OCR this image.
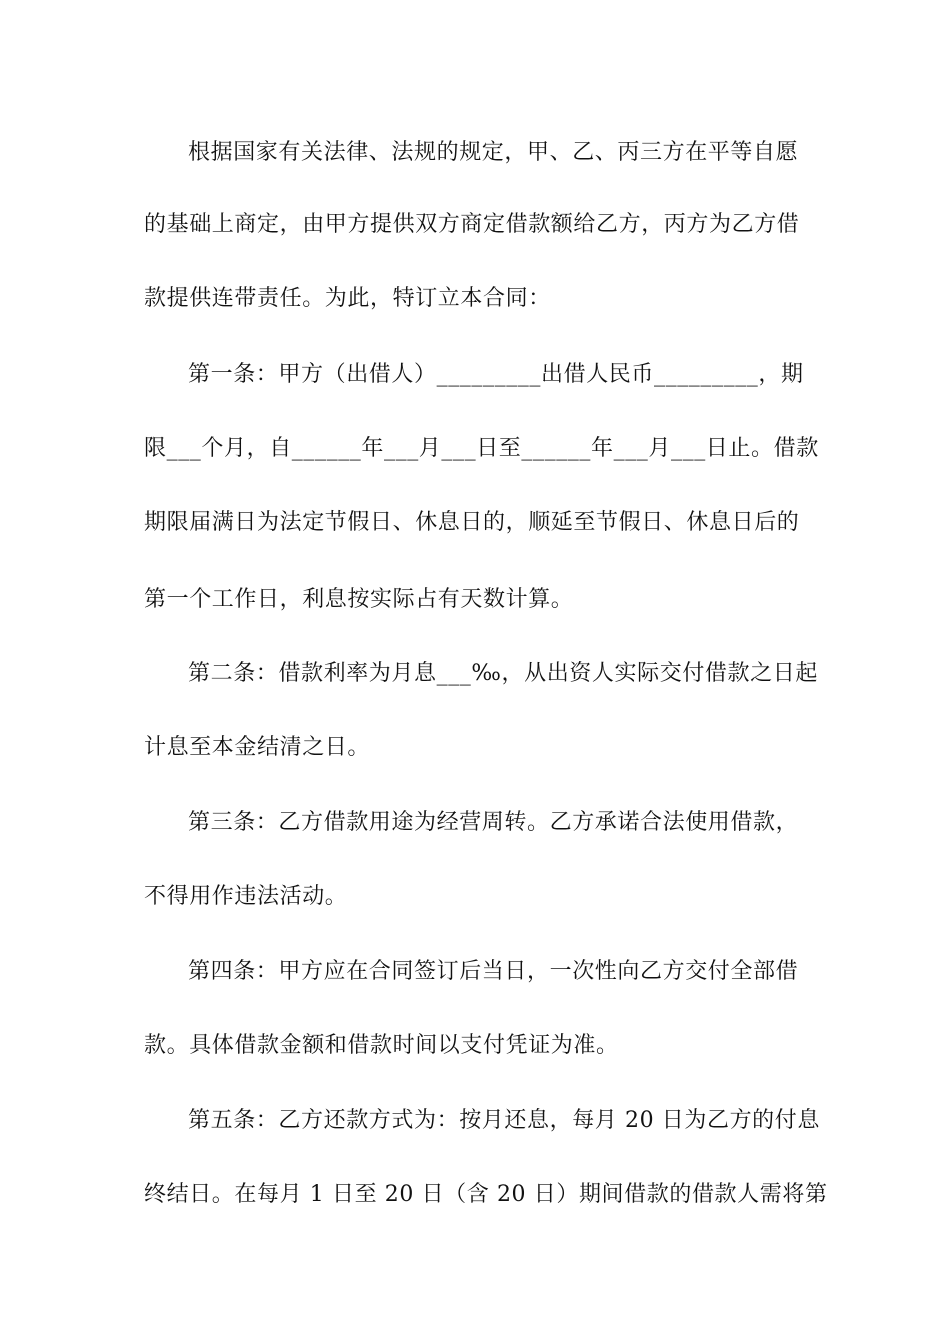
根据国家有关法律、法规的规定，甲、乙、丙三方在平等自愿
的基础上商定，由甲方提供双方商定借款额给乙方，丙方为乙方借
款提供连带责任。为此，特订立本合同：
第一条：甲方（出借人）_________出借人民币_________，期
限___个月，自______年___月___日至______年___月___日止。借款
期限届满日为法定节假日、休息日的，顺延至节假日、休息日后的
第一个工作日，利息按实际占有天数计算。
第二条：借款利率为月息___‰，从出资人实际交付借款之日起
计息至本金结清之日。
第三条：乙方借款用途为经营周转。乙方承诺合法使用借款，
不得用作违法活动。
第四条：甲方应在合同签订后当日，一次性向乙方交付全部借
款。具体借款金额和借款时间以支付凭证为准。
第五条：乙方还款方式为：按月还息，每月 20 日为乙方的付息
终结日。在每月 1 日至 20 日（含 20 日）期间借款的借款人需将第
